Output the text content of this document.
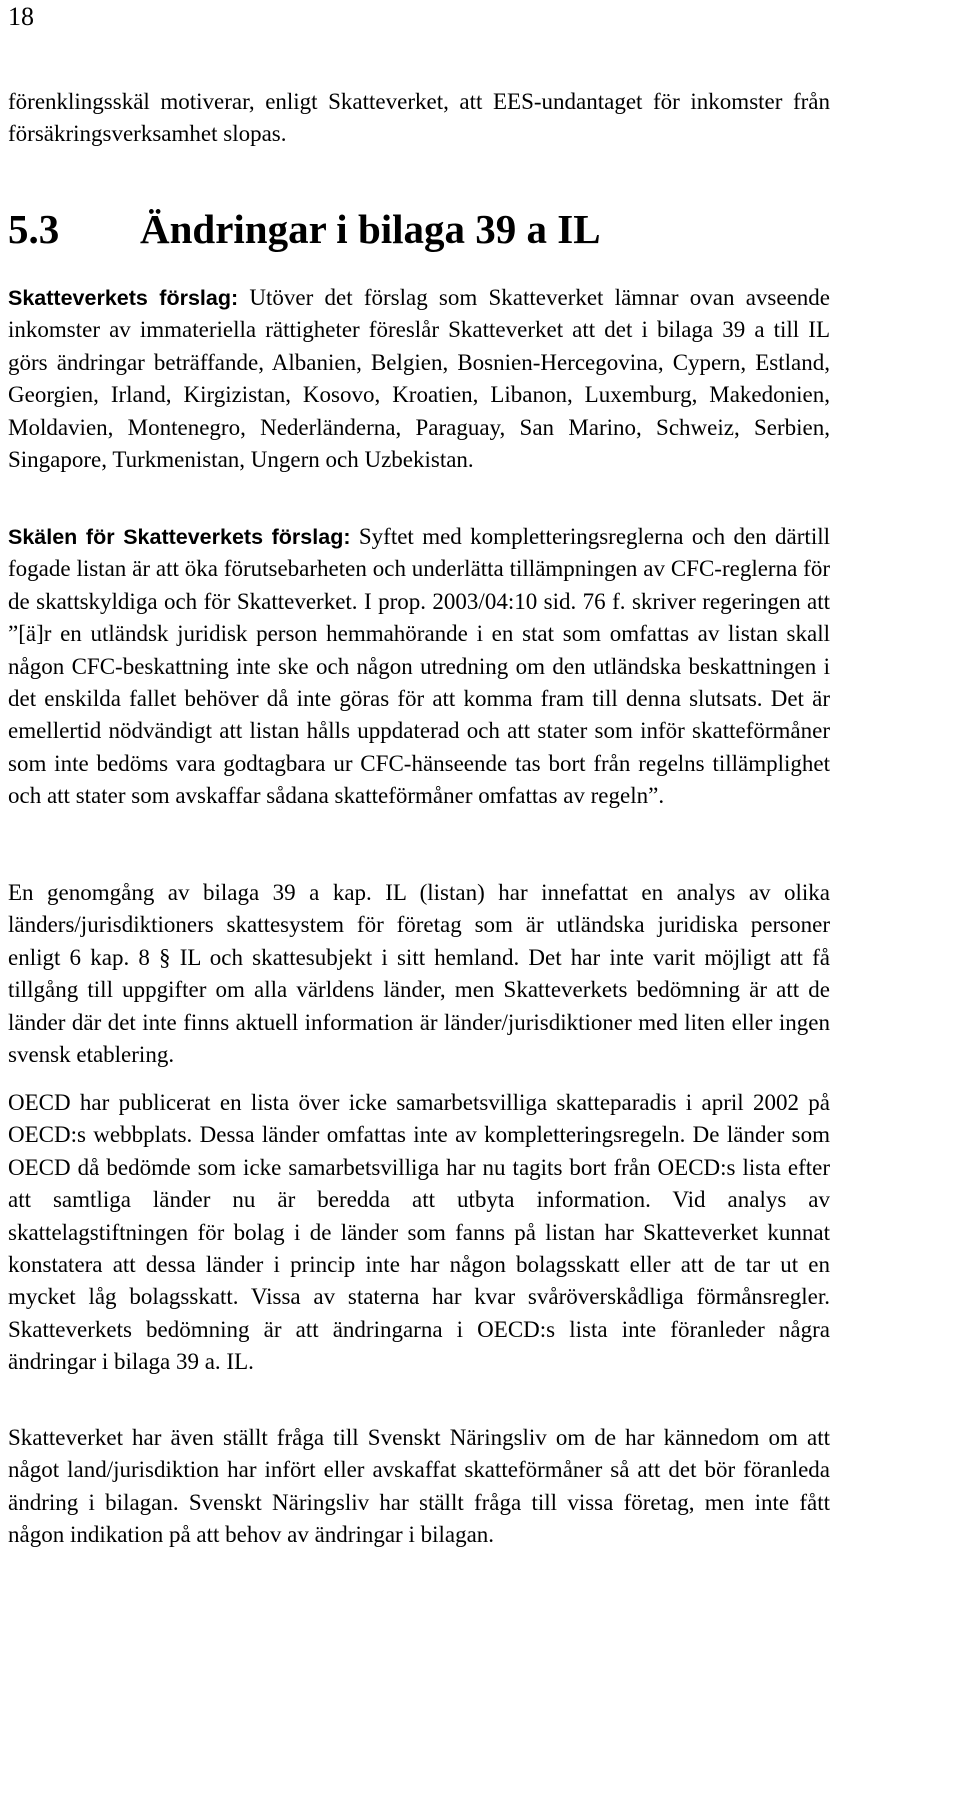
18

förenklingsskäl motiverar, enligt Skatteverket, att EES-undantaget för inkomster från försäkringsverksamhet slopas.

5.3 Ändringar i bilaga 39 a IL

Skatteverkets förslag: Utöver det förslag som Skatteverket lämnar ovan avseende inkomster av immateriella rättigheter föreslår Skatteverket att det i bilaga 39 a till IL görs ändringar beträffande, Albanien, Belgien, Bosnien-Hercegovina, Cypern, Estland, Georgien, Irland, Kirgizistan, Kosovo, Kroatien, Libanon, Luxemburg, Makedonien, Moldavien, Montenegro, Nederländerna, Paraguay, San Marino, Schweiz, Serbien, Singapore, Turkmenistan, Ungern och Uzbekistan.

Skälen för Skatteverkets förslag: Syftet med kompletteringsreglerna och den därtill fogade listan är att öka förutsebarheten och underlätta tillämpningen av CFC-reglerna för de skattskyldiga och för Skatteverket. I prop. 2003/04:10 sid. 76 f. skriver regeringen att ”[ä]r en utländsk juridisk person hemmahörande i en stat som omfattas av listan skall någon CFC-beskattning inte ske och någon utredning om den utländska beskattningen i det enskilda fallet behöver då inte göras för att komma fram till denna slutsats. Det är emellertid nödvändigt att listan hålls uppdaterad och att stater som inför skatteförmåner som inte bedöms vara godtagbara ur CFC-hänseende tas bort från regelns tillämplighet och att stater som avskaffar sådana skatteförmåner omfattas av regeln”.

En genomgång av bilaga 39 a kap. IL (listan) har innefattat en analys av olika länders/jurisdiktioners skattesystem för företag som är utländska juridiska personer enligt 6 kap. 8 § IL och skattesubjekt i sitt hemland. Det har inte varit möjligt att få tillgång till uppgifter om alla världens länder, men Skatteverkets bedömning är att de länder där det inte finns aktuell information är länder/jurisdiktioner med liten eller ingen svensk etablering.

OECD har publicerat en lista över icke samarbetsvilliga skatteparadis i april 2002 på OECD:s webbplats. Dessa länder omfattas inte av kompletteringsregeln. De länder som OECD då bedömde som icke samarbetsvilliga har nu tagits bort från OECD:s lista efter att samtliga länder nu är beredda att utbyta information. Vid analys av skattelagstiftningen för bolag i de länder som fanns på listan har Skatteverket kunnat konstatera att dessa länder i princip inte har någon bolagsskatt eller att de tar ut en mycket låg bolagsskatt. Vissa av staterna har kvar svåröverskådliga förmånsregler. Skatteverkets bedömning är att ändringarna i OECD:s lista inte föranleder några ändringar i bilaga 39 a. IL.

Skatteverket har även ställt fråga till Svenskt Näringsliv om de har kännedom om att något land/jurisdiktion har infört eller avskaffat skatteförmåner så att det bör föranleda ändring i bilagan. Svenskt Näringsliv har ställt fråga till vissa företag, men inte fått någon indikation på att behov av ändringar i bilagan.
